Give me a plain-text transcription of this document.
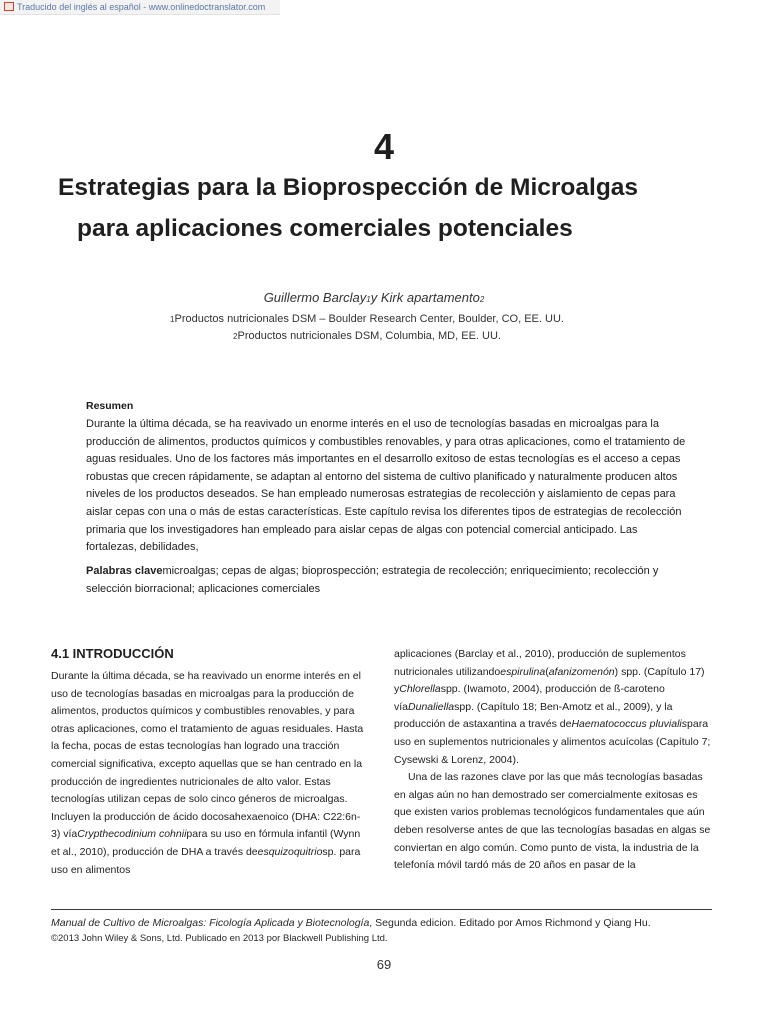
Traducido del inglés al español - www.onlinedoctranslator.com
4
Estrategias para la Bioprospección de Microalgas
para aplicaciones comerciales potenciales
Guillermo Barclay1y Kirk apartamento2
1Productos nutricionales DSM – Boulder Research Center, Boulder, CO, EE. UU.
2Productos nutricionales DSM, Columbia, MD, EE. UU.
Resumen
Durante la última década, se ha reavivado un enorme interés en el uso de tecnologías basadas en microalgas para la producción de alimentos, productos químicos y combustibles renovables, y para otras aplicaciones, como el tratamiento de aguas residuales. Uno de los factores más importantes en el desarrollo exitoso de estas tecnologías es el acceso a cepas robustas que crecen rápidamente, se adaptan al entorno del sistema de cultivo planificado y naturalmente producen altos niveles de los productos deseados. Se han empleado numerosas estrategias de recolección y aislamiento de cepas para aislar cepas con una o más de estas características. Este capítulo revisa los diferentes tipos de estrategias de recolección primaria que los investigadores han empleado para aislar cepas de algas con potencial comercial anticipado. Las fortalezas, debilidades,
Palabras clavemicroalgas; cepas de algas; bioprospección; estrategia de recolección; enriquecimiento; recolección y selección biorracional; aplicaciones comerciales
4.1 INTRODUCCIÓN

Durante la última década, se ha reavivado un enorme interés en el uso de tecnologías basadas en microalgas para la producción de alimentos, productos químicos y combustibles renovables, y para otras aplicaciones, como el tratamiento de aguas residuales. Hasta la fecha, pocas de estas tecnologías han logrado una tracción comercial significativa, excepto aquellas que se han centrado en la producción de ingredientes nutricionales de alto valor. Estas tecnologías utilizan cepas de solo cinco géneros de microalgas. Incluyen la producción de ácido docosahexaenoico (DHA: C22:6n-3) víaCrypthecodinium cohniipara su uso en fórmula infantil (Wynn et al., 2010), producción de DHA a través deesquizoquitriosp. para uso en alimentos

aplicaciones (Barclay et al., 2010), producción de suplementos nutricionales utilizandoespirulina(afanizomenón) spp. (Capítulo 17) yChlorellaspp. (Iwamoto, 2004), producción de ß-caroteno víaDunaliellaspp. (Capítulo 18; Ben-Amotz et al., 2009), y la producción de astaxantina a través deHaematococcus pluvialispara uso en suplementos nutricionales y alimentos acuícolas (Capítulo 7; Cysewski & Lorenz, 2004).

Una de las razones clave por las que más tecnologías basadas en algas aún no han demostrado ser comercialmente exitosas es que existen varios problemas tecnológicos fundamentales que aún deben resolverse antes de que las tecnologías basadas en algas se conviertan en algo común. Como punto de vista, la industria de la telefonía móvil tardó más de 20 años en pasar de la

Manual de Cultivo de Microalgas: Ficología Aplicada y Biotecnología, Segunda edicion. Editado por Amos Richmond y Qiang Hu.
©2013 John Wiley & Sons, Ltd. Publicado en 2013 por Blackwell Publishing Ltd.
69
